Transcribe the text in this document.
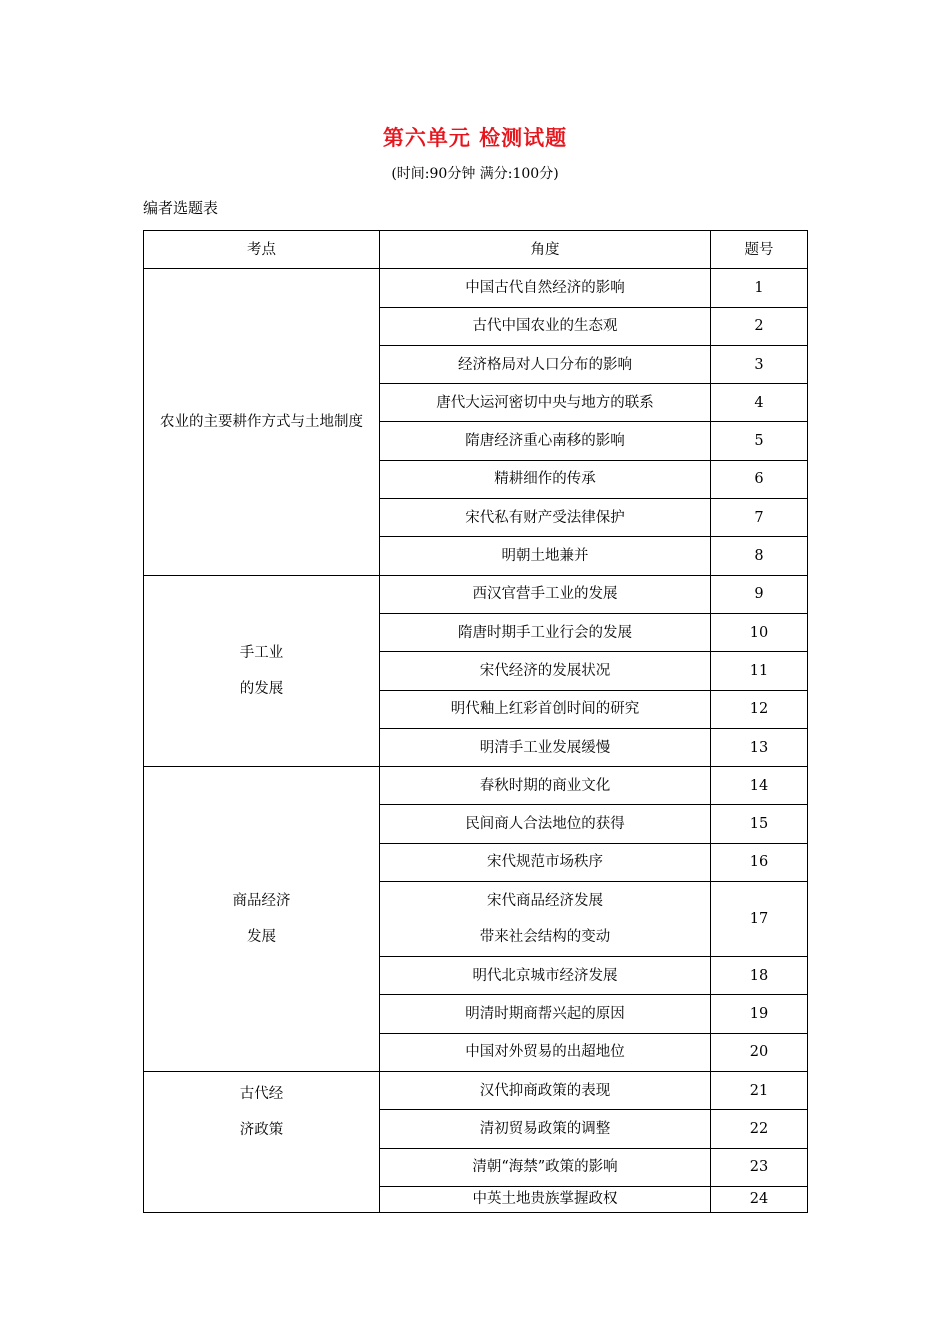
第六单元 检测试题
(时间:90分钟 满分:100分)
编者选题表
考点	角度	题号
农业的主要耕作方式与土地制度	中国古代自然经济的影响	1
	古代中国农业的生态观	2
	经济格局对人口分布的影响	3
	唐代大运河密切中央与地方的联系	4
	隋唐经济重心南移的影响	5
	精耕细作的传承	6
	宋代私有财产受法律保护	7
	明朝土地兼并	8

手工业
的发展	西汉官营手工业的发展	9
	隋唐时期手工业行会的发展	10
	宋代经济的发展状况	11
	明代釉上红彩首创时间的研究	12
	明清手工业发展缓慢	13

商品经济
发展	春秋时期的商业文化	14
	民间商人合法地位的获得	15
	宋代规范市场秩序	16

	宋代商品经济发展
带来社会结构的变动	17
	明代北京城市经济发展	18
	明清时期商帮兴起的原因	19
	中国对外贸易的出超地位	20

古代经
济政策	汉代抑商政策的表现	21
	清初贸易政策的调整	22
	清朝“海禁”政策的影响	23
	中英土地贵族掌握政权	24
